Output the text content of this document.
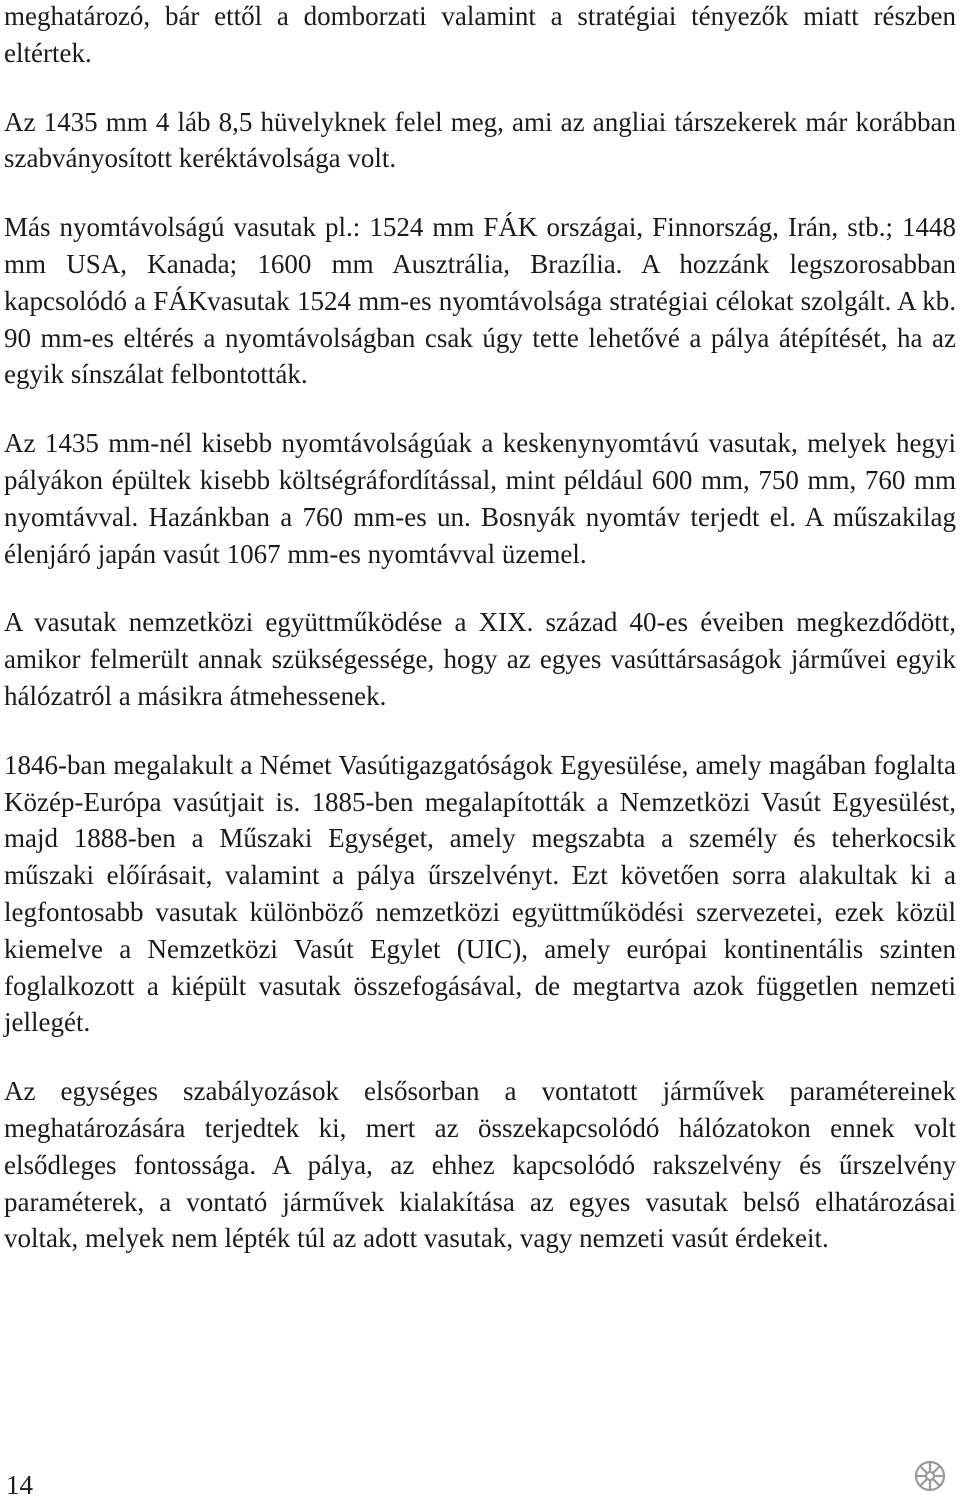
meghatározó, bár ettől a domborzati valamint a stratégiai tényezők miatt részben eltértek.

Az 1435 mm 4 láb 8,5 hüvelyknek felel meg, ami az angliai társzekerek már korábban szabványosított keréktávolsága volt.

Más nyomtávolságú vasutak pl.: 1524 mm FÁK országai, Finnország, Irán, stb.; 1448 mm USA, Kanada; 1600 mm Ausztrália, Brazília. A hozzánk legszorosabban kapcsolódó a FÁKvasutak 1524 mm-es nyomtávolsága stratégiai célokat szolgált. A kb. 90 mm-es eltérés a nyomtávolságban csak úgy tette lehetővé a pálya átépítését, ha az egyik sínszálat felbontották.

Az 1435 mm-nél kisebb nyomtávolságúak a keskenynyomtávú vasutak, melyek hegyi pályákon épültek kisebb költségráfordítással, mint például 600 mm, 750 mm, 760 mm nyomtávval. Hazánkban a 760 mm-es un. Bosnyák nyomtáv terjedt el. A műszakilag élenjáró japán vasút 1067 mm-es nyomtávval üzemel.

A vasutak nemzetközi együttműködése a XIX. század 40-es éveiben megkezdődött, amikor felmerült annak szükségessége, hogy az egyes vasúttársaságok járművei egyik hálózatról a másikra átmehessenek.

1846-ban megalakult a Német Vasútigazgatóságok Egyesülése, amely magában foglalta Közép-Európa vasútjait is. 1885-ben megalapították a Nemzetközi Vasút Egyesülést, majd 1888-ben a Műszaki Egységet, amely megszabta a személy és teherkocsik műszaki előírásait, valamint a pálya űrszelvényt. Ezt követően sorra alakultak ki a legfontosabb vasutak különböző nemzetközi együttműködési szervezetei, ezek közül kiemelve a Nemzetközi Vasút Egylet (UIC), amely európai kontinentális szinten foglalkozott a kiépült vasutak összefogásával, de megtartva azok független nemzeti jellegét.

Az egységes szabályozások elsősorban a vontatott járművek paramétereinek meghatározására terjedtek ki, mert az összekapcsolódó hálózatokon ennek volt elsődleges fontossága. A pálya, az ehhez kapcsolódó rakszelvény és űrszelvény paraméterek, a vontató járművek kialakítása az egyes vasutak belső elhatározásai voltak, melyek nem lépték túl az adott vasutak, vagy nemzeti vasút érdekeit.

14
